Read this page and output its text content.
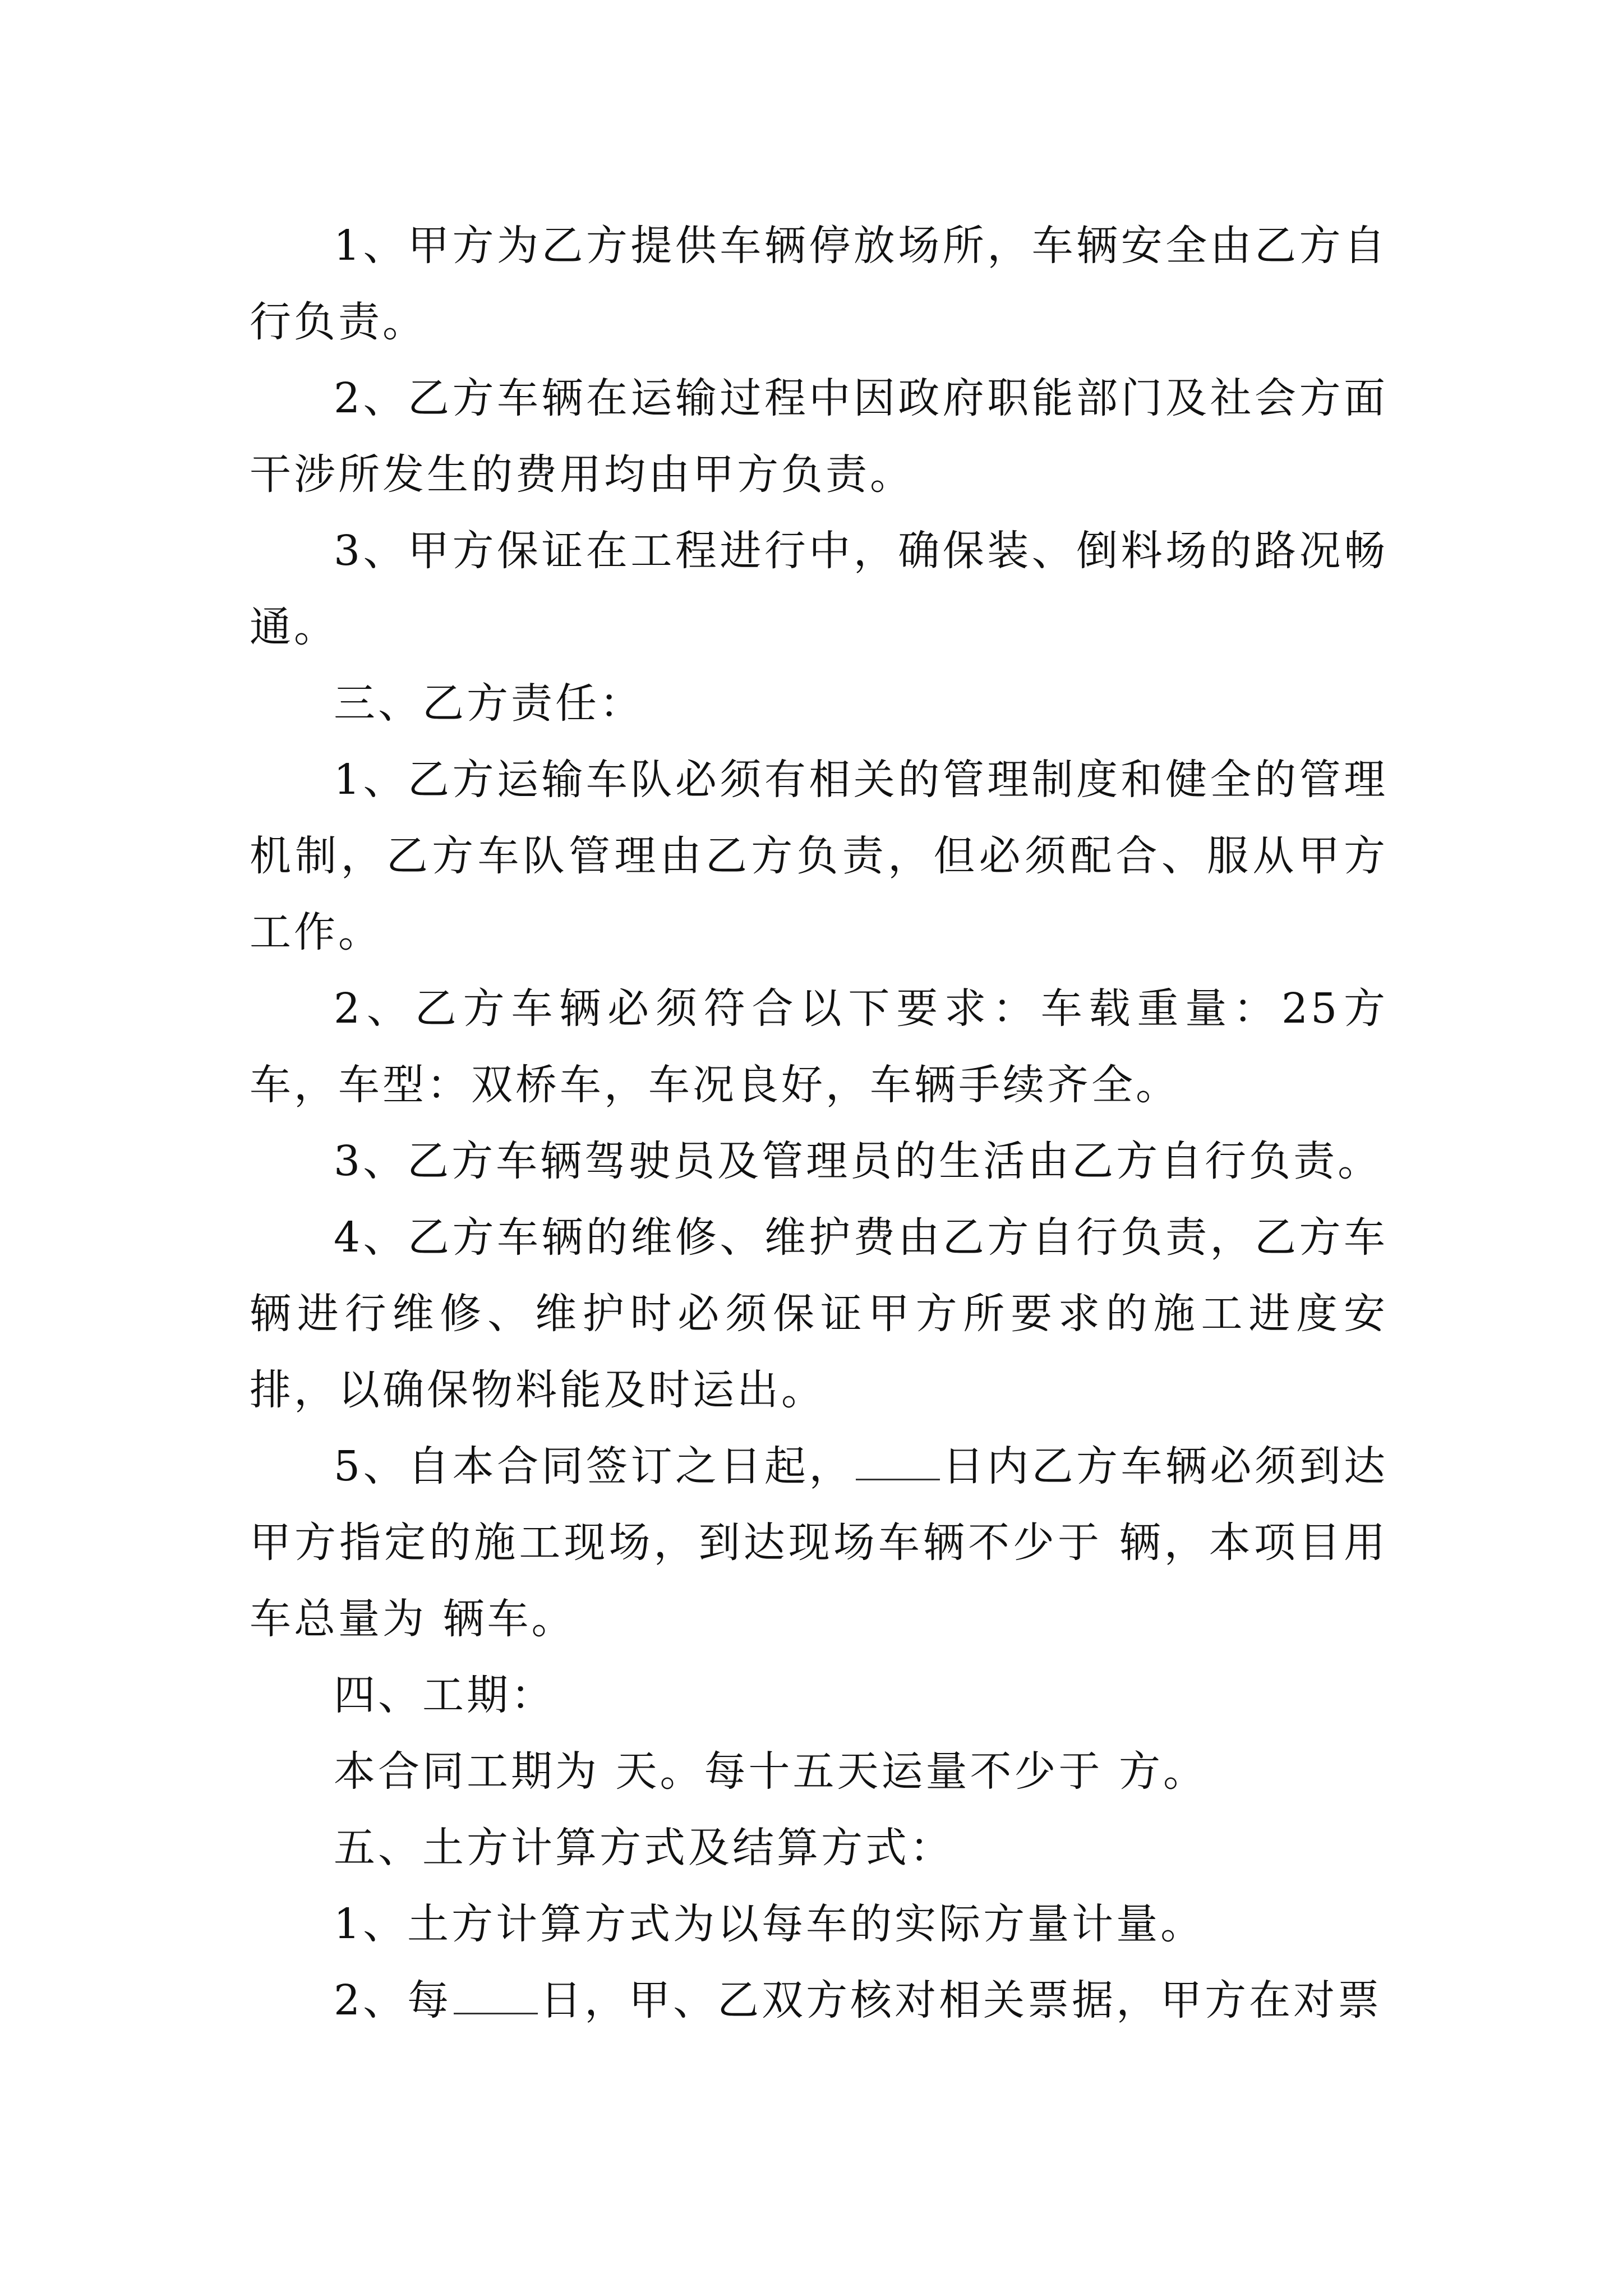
1、甲方为乙方提供车辆停放场所，车辆安全由乙方自行负责。

2、乙方车辆在运输过程中因政府职能部门及社会方面干涉所发生的费用均由甲方负责。

3、甲方保证在工程进行中，确保装、倒料场的路况畅通。

三、乙方责任：

1、乙方运输车队必须有相关的管理制度和健全的管理机制，乙方车队管理由乙方负责，但必须配合、服从甲方工作。

2、乙方车辆必须符合以下要求：车载重量：25方车，车型：双桥车，车况良好，车辆手续齐全。

3、乙方车辆驾驶员及管理员的生活由乙方自行负责。

4、乙方车辆的维修、维护费由乙方自行负责，乙方车辆进行维修、维护时必须保证甲方所要求的施工进度安排，以确保物料能及时运出。

5、自本合同签订之日起， 日内乙方车辆必须到达甲方指定的施工现场，到达现场车辆不少于 辆，本项目用车总量为 辆车。

四、工期：

本合同工期为 天。每十五天运量不少于 方。

五、土方计算方式及结算方式：

1、土方计算方式为以每车的实际方量计量。

2、每 日，甲、乙双方核对相关票据，甲方在对票
